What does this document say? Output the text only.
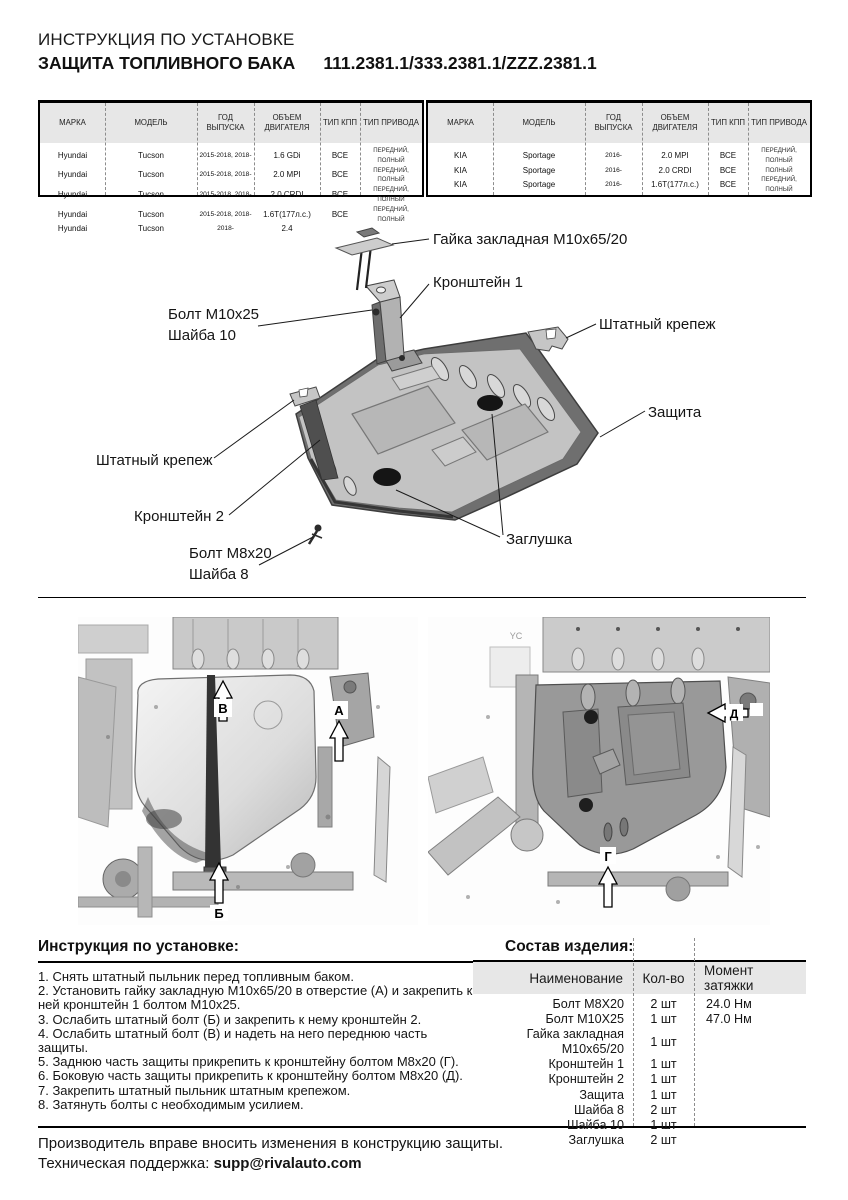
ИНСТРУКЦИЯ ПО УСТАНОВКЕ
ЗАЩИТА ТОПЛИВНОГО БАКА 111.2381.1/333.2381.1/ZZZ.2381.1
МАРКА	МОДЕЛЬ	ГОД ВЫПУСКА	ОБЪЕМ ДВИГАТЕЛЯ	ТИП КПП	ТИП ПРИВОДА
Hyundai	Tucson	2015-2018, 2018-	1.6 GDi	ВСЕ	ПЕРЕДНИЙ, ПОЛНЫЙ
Hyundai	Tucson	2015-2018, 2018-	2.0 MPI	ВСЕ	ПЕРЕДНИЙ, ПОЛНЫЙ
Hyundai	Tucson	2015-2018, 2018-	2.0 CRDI	ВСЕ	ПЕРЕДНИЙ, ПОЛНЫЙ
Hyundai	Tucson	2015-2018, 2018-	1.6Т(177л.с.)	ВСЕ	ПЕРЕДНИЙ, ПОЛНЫЙ
Hyundai	Tucson	2018-	2.4		
МАРКА	МОДЕЛЬ	ГОД ВЫПУСКА	ОБЪЕМ ДВИГАТЕЛЯ	ТИП КПП	ТИП ПРИВОДА
KIA	Sportage	2016-	2.0 MPI	ВСЕ	ПЕРЕДНИЙ, ПОЛНЫЙ
KIA	Sportage	2016-	2.0 CRDI	ВСЕ	ПОЛНЫЙ
KIA	Sportage	2016-	1.6Т(177л.с.)	ВСЕ	ПЕРЕДНИЙ, ПОЛНЫЙ
Гайка закладная M10x65/20
Кронштейн 1
Болт M10x25
Шайба 10
Штатный крепеж
Защита
Штатный крепеж
Кронштейн 2
Заглушка
Болт M8x20
Шайба 8
В	А
Б
YC
Д
Г
Инструкция по установке:
1. Снять штатный пыльник перед топливным баком.
2. Установить гайку закладную М10х65/20 в отверстие (А) и закрепить к ней кронштейн 1 болтом М10х25.
3. Ослабить штатный болт (Б) и закрепить к нему кронштейн 2.
4. Ослабить штатный болт (В) и надеть на него переднюю часть защиты.
5. Заднюю часть защиты прикрепить к кронштейну болтом М8х20 (Г).
6. Боковую часть защиты прикрепить к кронштейну болтом М8х20 (Д).
7. Закрепить штатный пыльник штатным крепежом.
8. Затянуть болты с необходимым усилием.
Состав изделия:
Наименование	Кол-во	Момент затяжки
Болт М8Х20	2 шт	24.0 Нм
Болт М10Х25	1 шт	47.0 Нм
Гайка закладная М10х65/20	1 шт	
Кронштейн 1	1 шт	
Кронштейн 2	1 шт	
Защита	1 шт	
Шайба 8	2 шт	
Шайба 10	1 шт	
Заглушка	2 шт	
Производитель вправе вносить изменения в конструкцию защиты.
Техническая поддержка: supp@rivalauto.com
